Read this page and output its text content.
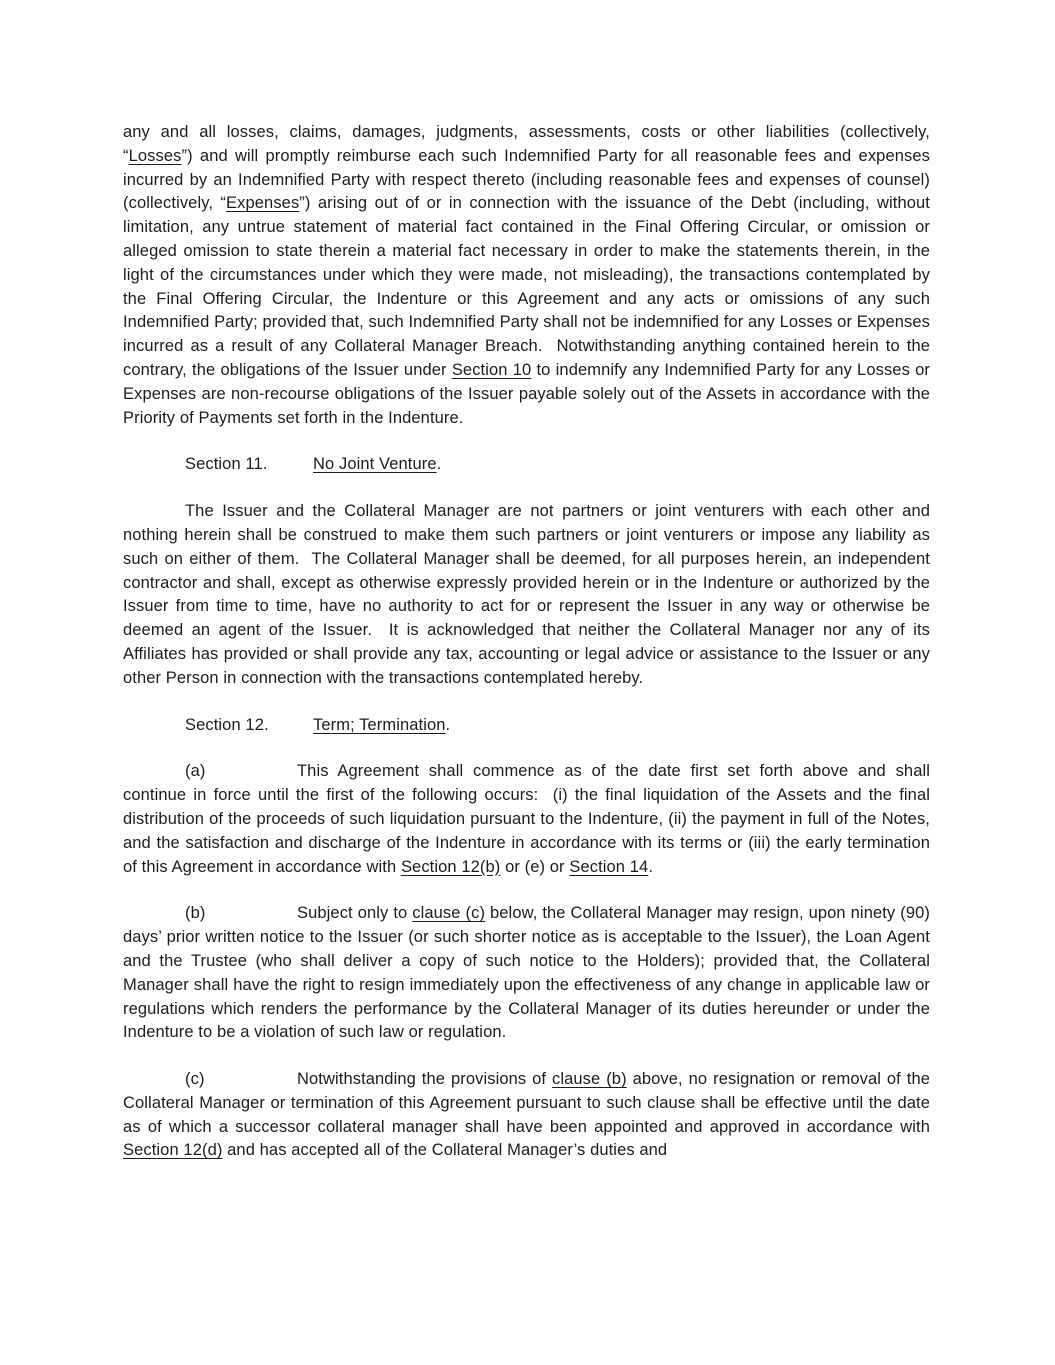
any and all losses, claims, damages, judgments, assessments, costs or other liabilities (collectively, “Losses”) and will promptly reimburse each such Indemnified Party for all reasonable fees and expenses incurred by an Indemnified Party with respect thereto (including reasonable fees and expenses of counsel) (collectively, “Expenses”) arising out of or in connection with the issuance of the Debt (including, without limitation, any untrue statement of material fact contained in the Final Offering Circular, or omission or alleged omission to state therein a material fact necessary in order to make the statements therein, in the light of the circumstances under which they were made, not misleading), the transactions contemplated by the Final Offering Circular, the Indenture or this Agreement and any acts or omissions of any such Indemnified Party; provided that, such Indemnified Party shall not be indemnified for any Losses or Expenses incurred as a result of any Collateral Manager Breach.  Notwithstanding anything contained herein to the contrary, the obligations of the Issuer under Section 10 to indemnify any Indemnified Party for any Losses or Expenses are non-recourse obligations of the Issuer payable solely out of the Assets in accordance with the Priority of Payments set forth in the Indenture.

Section 11.	No Joint Venture.

The Issuer and the Collateral Manager are not partners or joint venturers with each other and nothing herein shall be construed to make them such partners or joint venturers or impose any liability as such on either of them.  The Collateral Manager shall be deemed, for all purposes herein, an independent contractor and shall, except as otherwise expressly provided herein or in the Indenture or authorized by the Issuer from time to time, have no authority to act for or represent the Issuer in any way or otherwise be deemed an agent of the Issuer.  It is acknowledged that neither the Collateral Manager nor any of its Affiliates has provided or shall provide any tax, accounting or legal advice or assistance to the Issuer or any other Person in connection with the transactions contemplated hereby.

Section 12.	Term; Termination.

(a)	This Agreement shall commence as of the date first set forth above and shall continue in force until the first of the following occurs:  (i) the final liquidation of the Assets and the final distribution of the proceeds of such liquidation pursuant to the Indenture, (ii) the payment in full of the Notes, and the satisfaction and discharge of the Indenture in accordance with its terms or (iii) the early termination of this Agreement in accordance with Section 12(b) or (e) or Section 14.

(b)	Subject only to clause (c) below, the Collateral Manager may resign, upon ninety (90) days’ prior written notice to the Issuer (or such shorter notice as is acceptable to the Issuer), the Loan Agent and the Trustee (who shall deliver a copy of such notice to the Holders); provided that, the Collateral Manager shall have the right to resign immediately upon the effectiveness of any change in applicable law or regulations which renders the performance by the Collateral Manager of its duties hereunder or under the Indenture to be a violation of such law or regulation.

(c)	Notwithstanding the provisions of clause (b) above, no resignation or removal of the Collateral Manager or termination of this Agreement pursuant to such clause shall be effective until the date as of which a successor collateral manager shall have been appointed and approved in accordance with Section 12(d) and has accepted all of the Collateral Manager’s duties and
